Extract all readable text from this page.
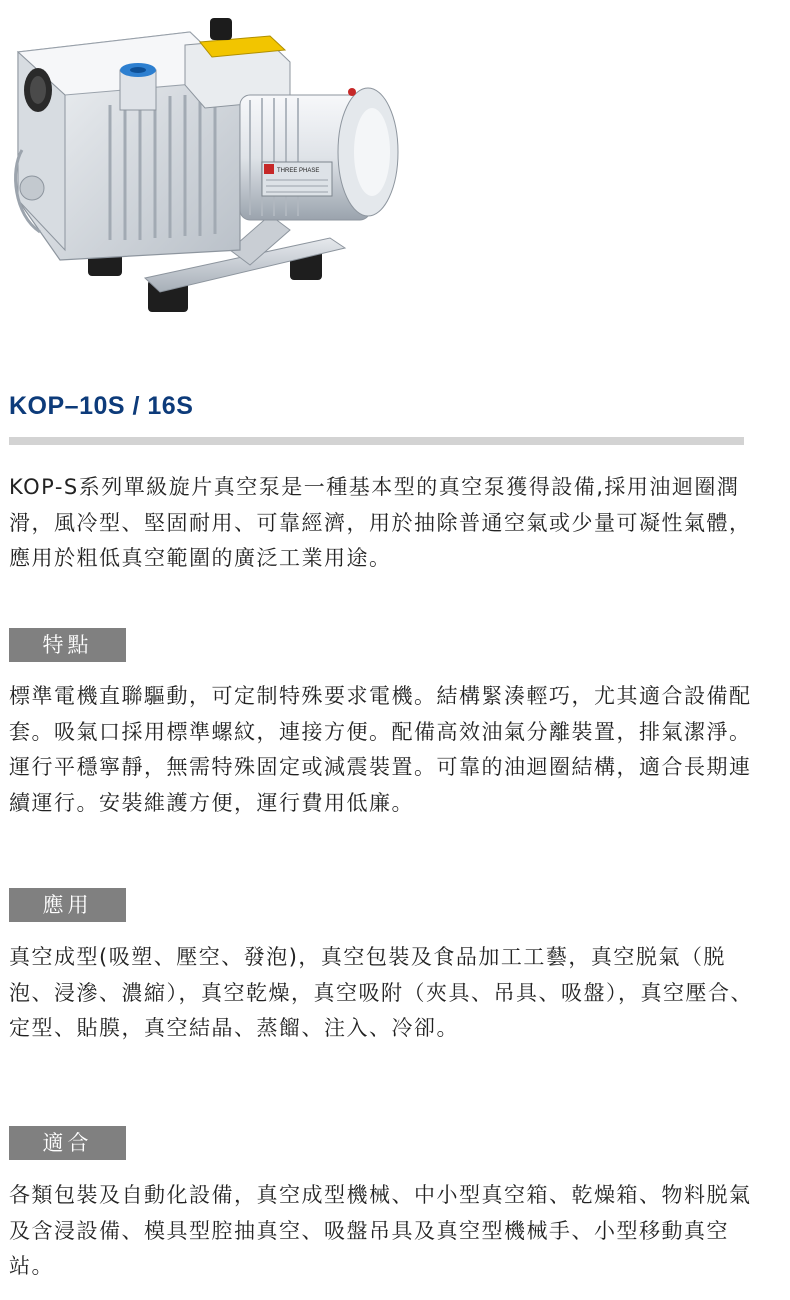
THREE PHASE
KOP–10S / 16S

KOP-S系列單級旋片真空泵是一種基本型的真空泵獲得設備,採用油迴圈潤滑，風冷型、堅固耐用、可靠經濟，用於抽除普通空氣或少量可凝性氣體，應用於粗低真空範圍的廣泛工業用途。

特點

標準電機直聯驅動，可定制特殊要求電機。結構緊湊輕巧，尤其適合設備配套。吸氣口採用標準螺紋，連接方便。配備高效油氣分離裝置，排氣潔淨。運行平穩寧靜，無需特殊固定或減震裝置。可靠的油迴圈結構，適合長期連續運行。安裝維護方便，運行費用低廉。

應用

真空成型(吸塑、壓空、發泡)，真空包裝及食品加工工藝，真空脱氣（脱泡、浸滲、濃縮），真空乾燥，真空吸附（夾具、吊具、吸盤），真空壓合、定型、貼膜，真空結晶、蒸餾、注入、冷卻。

適合

各類包裝及自動化設備，真空成型機械、中小型真空箱、乾燥箱、物料脱氣及含浸設備、模具型腔抽真空、吸盤吊具及真空型機械手、小型移動真空站。
